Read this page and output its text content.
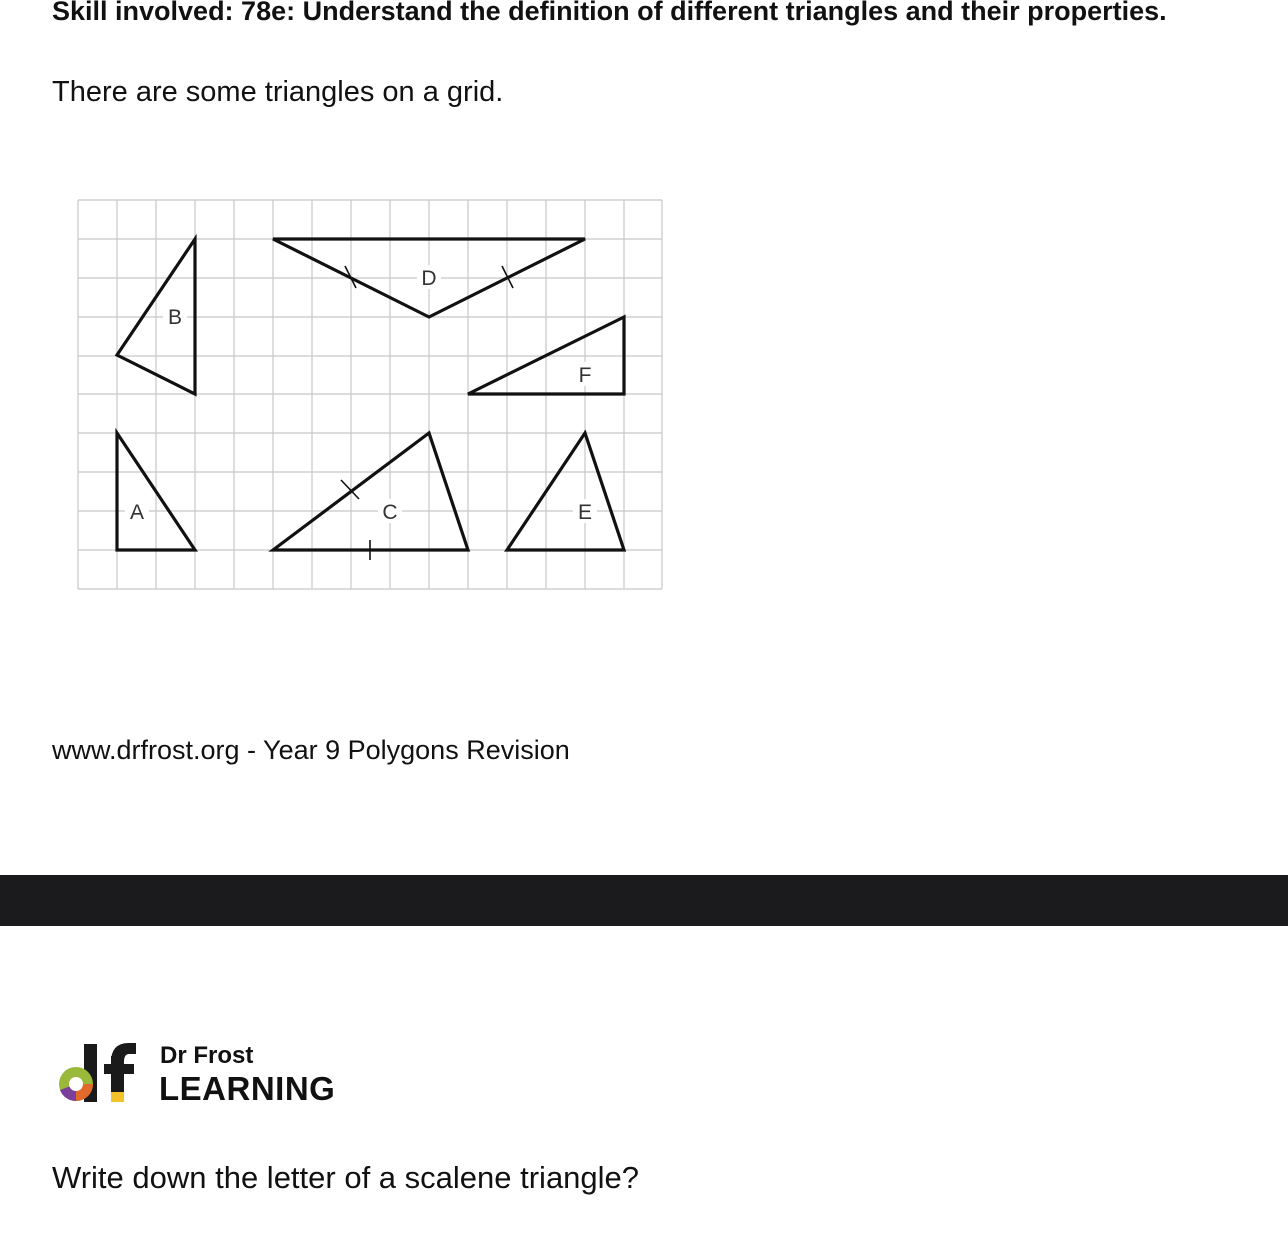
Skill involved: 78e: Understand the definition of different triangles and their properties.
There are some triangles on a grid.
B
D
F
A	C	E
www.drfrost.org - Year 9 Polygons Revision
Dr Frost
LEARNING
Write down the letter of a scalene triangle?
